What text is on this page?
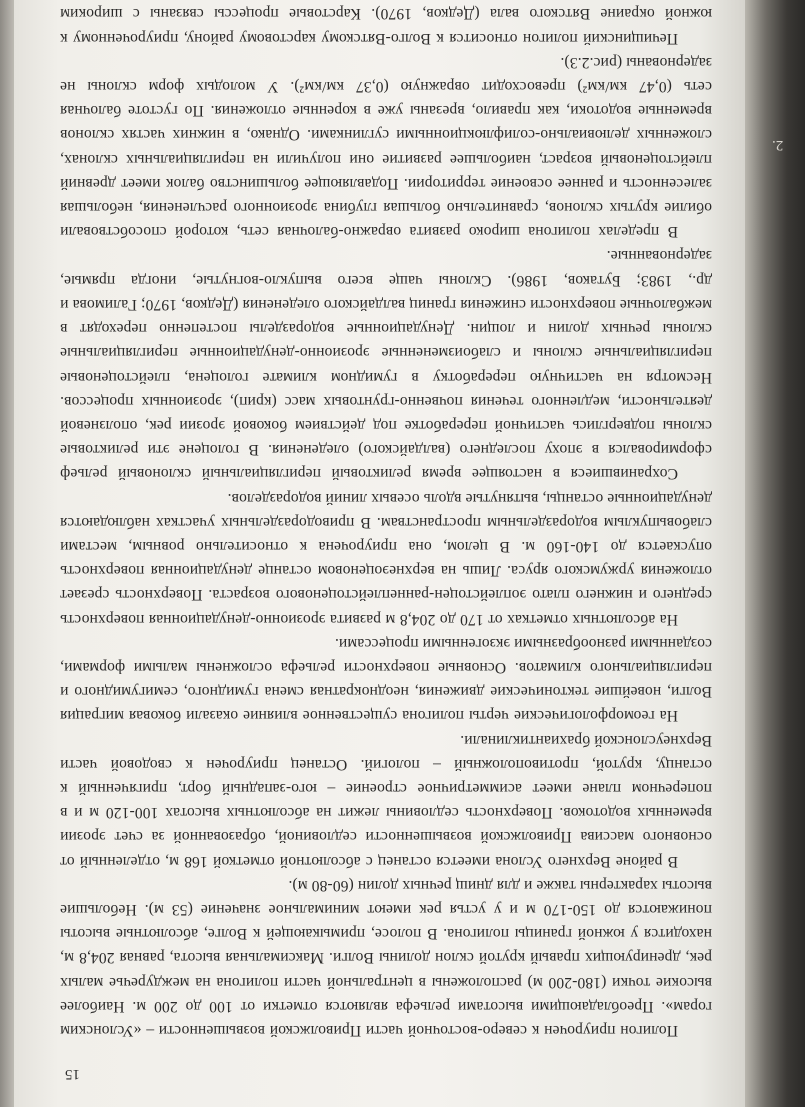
2.
15

Полигон приурочен к северо-восточной части Приволжской возвышенности – «Услонским горам». Преобладающими высотами рельефа являются отметки от 100 до 200 м. Наиболее высокие точки (180-200 м) расположены в центральной части полигона на междуречье малых рек, дренирующих правый крутой склон долины Волги. Максимальная высота, равная 204,8 м, находится у южной границы полигона. В полосе, примыкающей к Волге, абсолютные высоты понижаются до 150-170 м и у устья рек имеют минимальное значение (53 м). Небольшие высоты характерны также и для днищ речных долин (60-80 м).

В районе Верхнего Услона имеется останец с абсолютной отметкой 168 м, отделенный от основного массива Приволжской возвышенности седловиной, образованной за счет эрозии временных водотоков. Поверхность седловины лежит на абсолютных высотах 100-120 м и в поперечном плане имеет асимметричное строение – юго-западный борт, пригяченный к останцу, крутой, противоположный – пологий. Останец приурочен к сводовой части Верхнеуслонской брахиантиклинали.

На геоморфологические черты полигона существенное влияние оказали боковая миграция Волги, новейшие тектонические движения, неоднократная смена гумидного, семигумидного и перигляциального климатов. Основные поверхности рельефа осложнены малыми формами, созданными разнообразными экзогенными процессами.

На абсолютных отметках от 170 до 204,8 м развита эрозионно-денудационная поверхность среднего и нижнего плато эоплейстоцен-раннеплейстоценового возраста. Поверхность срезает отложения уржумского яруса. Лишь на верхнеэоценовом останце денудационная поверхность опускается до 140-160 м. В целом, она приурочена к относительно ровным, местами слабовыпуклым водораздельным пространствам. В приводораздельных участках наблюдаются денудационные останцы, вытянутые вдоль осевых линий водоразделов.

Сохранившиеся в настоящее время реликтовый перигляциальный склоновый рельеф сформировался в эпоху последнего (валдайского) оледенения. В голоцене эти реликтовые склоны подверглись частичной переработке под действием боковой эрозии рек, оползневой деятельности, медленного течения почвенно-грунтовых масс (крип), эрозионных процессов. Несмотря на частичную переработку в гумидном климате голоцена, плейстоценовые перигляциальные склоны и слабоизмененные эрозионно-денудационные перигляциальные склоны речных долин и лощин. Денудационные водоразделы постепенно переходят в межбалочные поверхности снижения границ валдайского оледенения (Дедков, 1970; Галимова и др., 1983; Бутаков, 1986). Склоны чаще всего выпукло-вогнутые, иногда прямые, задернованные.

В пределах полигона широко развита овражно-балочная сеть, которой способствовали обилие крутых склонов, сравнительно большая глубина эрозионного расчленения, небольшая залесенность и раннее освоение территории. Подавляющее большинство балок имеет древний плейстоценовый возраст, наибольшее развитие они получили на перигляциальных склонах, сложенных делювиально-солифлюкционными суглинками. Однако, в нижних частях склонов временные водотоки, как правило, врезаны уже в коренные отложения. По густоте балочная сеть (0,47 км/км²) превосходит овражную (0,37 км/км²). У молодых форм склоны не задернованы (рис.2.3).

Печищинский полигон относится к Волго-Вятскому карстовому району, приуроченному к южной окраине Вятского вала (Дедков, 1970). Карстовые процессы связаны с широким
